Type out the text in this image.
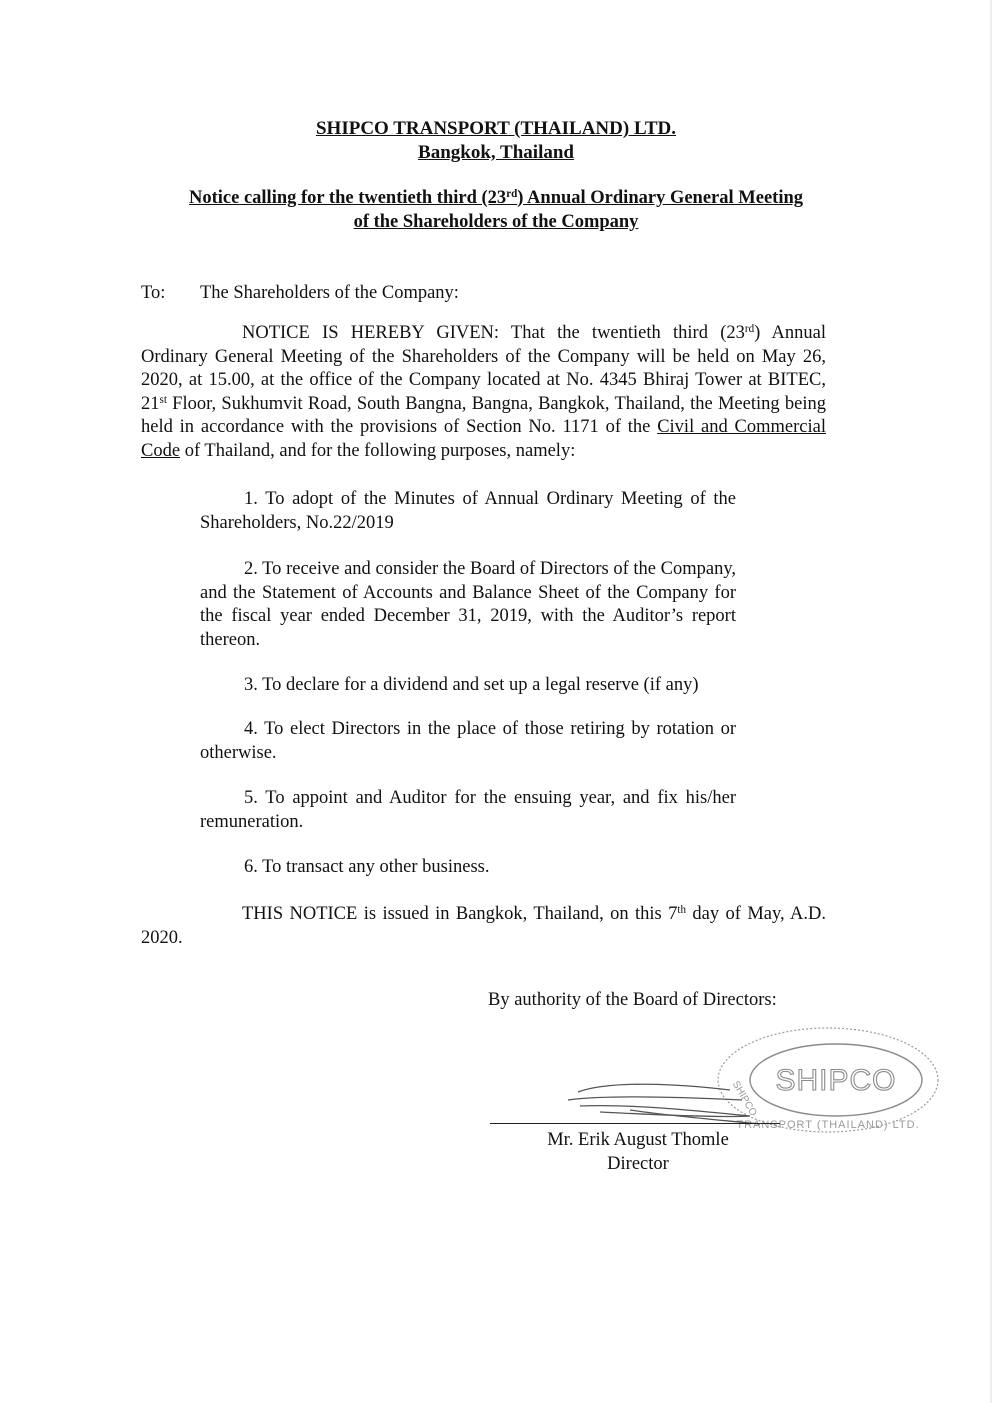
SHIPCO TRANSPORT (THAILAND) LTD.
Bangkok, Thailand
Notice calling for the twentieth third (23rd) Annual Ordinary General Meeting
of the Shareholders of the Company
To: The Shareholders of the Company:
NOTICE IS HEREBY GIVEN: That the twentieth third (23rd) Annual Ordinary General Meeting of the Shareholders of the Company will be held on May 26, 2020, at 15.00, at the office of the Company located at No. 4345 Bhiraj Tower at BITEC, 21st Floor, Sukhumvit Road, South Bangna, Bangna, Bangkok, Thailand, the Meeting being held in accordance with the provisions of Section No. 1171 of the Civil and Commercial Code of Thailand, and for the following purposes, namely:
1. To adopt of the Minutes of Annual Ordinary Meeting of the Shareholders, No.22/2019
2. To receive and consider the Board of Directors of the Company, and the Statement of Accounts and Balance Sheet of the Company for the fiscal year ended December 31, 2019, with the Auditor’s report thereon.
3. To declare for a dividend and set up a legal reserve (if any)
4. To elect Directors in the place of those retiring by rotation or otherwise.
5. To appoint and Auditor for the ensuing year, and fix his/her remuneration.
6. To transact any other business.
THIS NOTICE is issued in Bangkok, Thailand, on this 7th day of May, A.D. 2020.
By authority of the Board of Directors:
SHIPCO
TRANSPORT (THAILAND) LTD.
SHIPCO
Mr. Erik August Thomle
Director
